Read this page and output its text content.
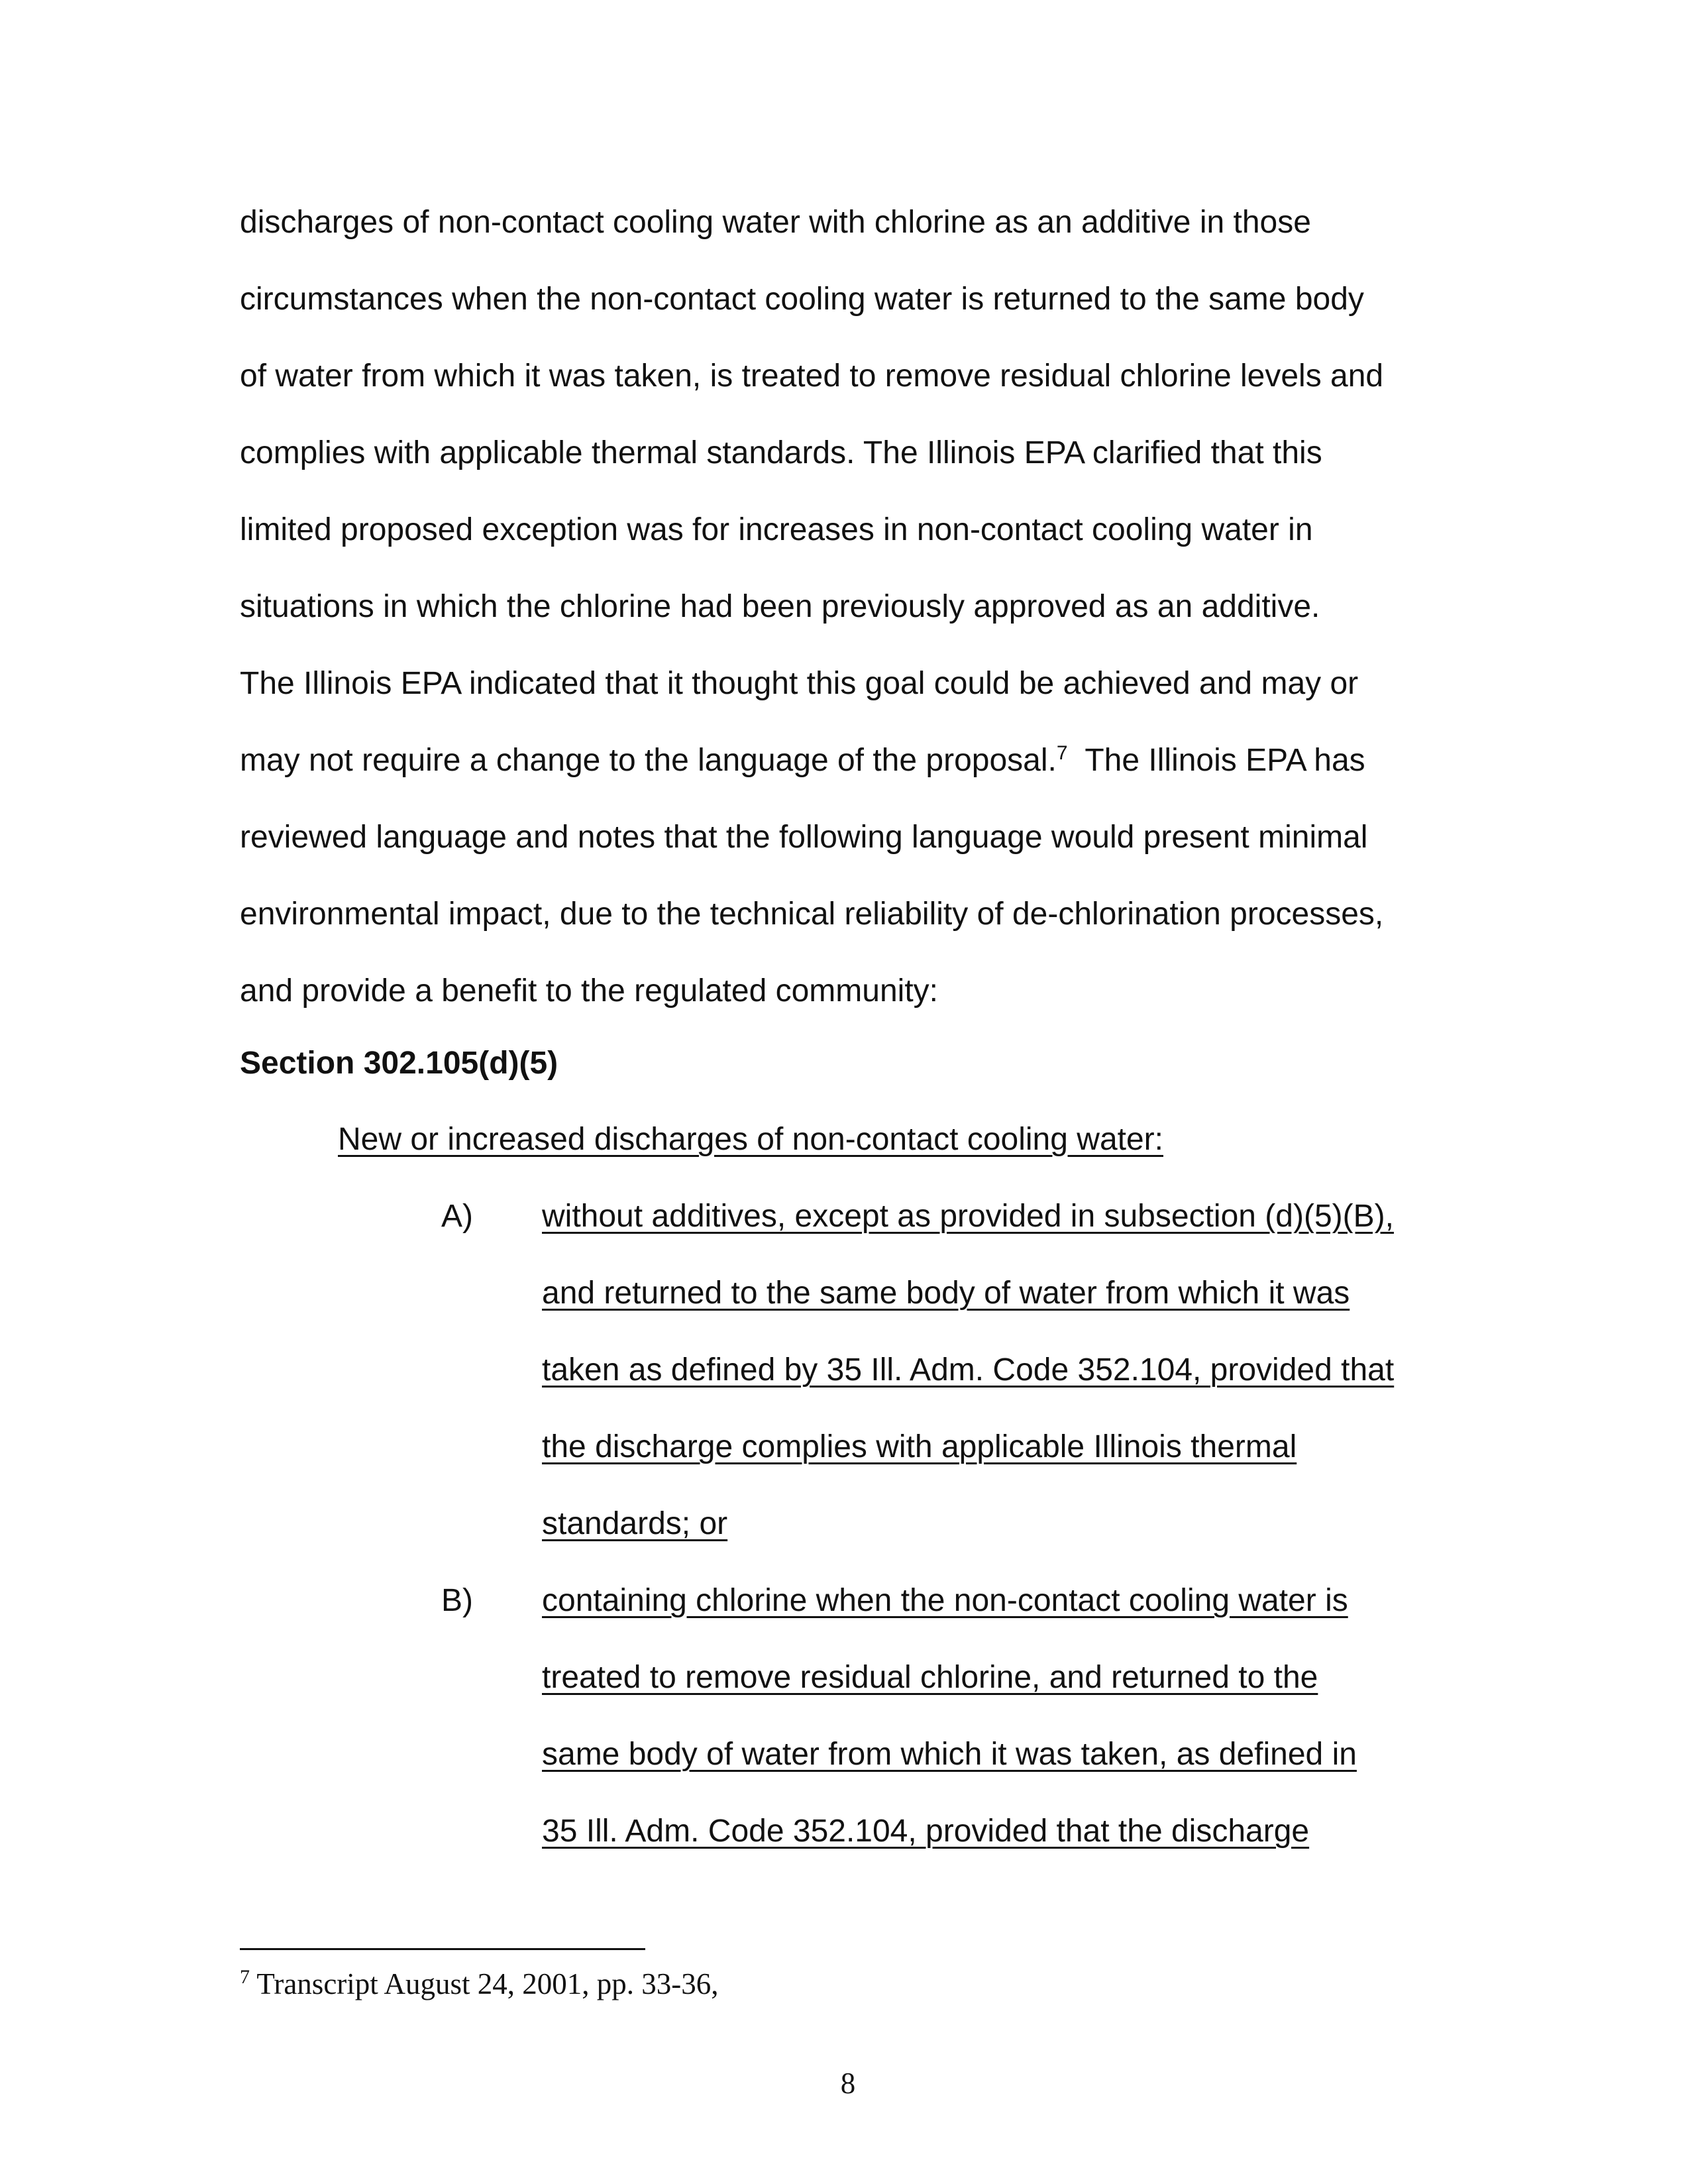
discharges of non-contact cooling water with chlorine as an additive in those
circumstances when the non-contact cooling water is returned to the same body
of water from which it was taken, is treated to remove residual chlorine levels and
complies with applicable thermal standards. The Illinois EPA clarified that this
limited proposed exception was for increases in non-contact cooling water in
situations in which the chlorine had been previously approved as an additive.
The Illinois EPA indicated that it thought this goal could be achieved and may or
may not require a change to the language of the proposal.$^7$  The Illinois EPA has
reviewed language and notes that the following language would present minimal
environmental impact, due to the technical reliability of de-chlorination processes,
and provide a benefit to the regulated community:
Section 302.105(d)(5)
New or increased discharges of non-contact cooling water:
A) without additives, except as provided in subsection (d)(5)(B),
and returned to the same body of water from which it was
taken as defined by 35 Ill. Adm. Code 352.104, provided that
the discharge complies with applicable Illinois thermal
standards; or
B) containing chlorine when the non-contact cooling water is
treated to remove residual chlorine, and returned to the
same body of water from which it was taken, as defined in
35 Ill. Adm. Code 352.104, provided that the discharge
$^7$ Transcript August 24, 2001, pp. 33-36,
8
